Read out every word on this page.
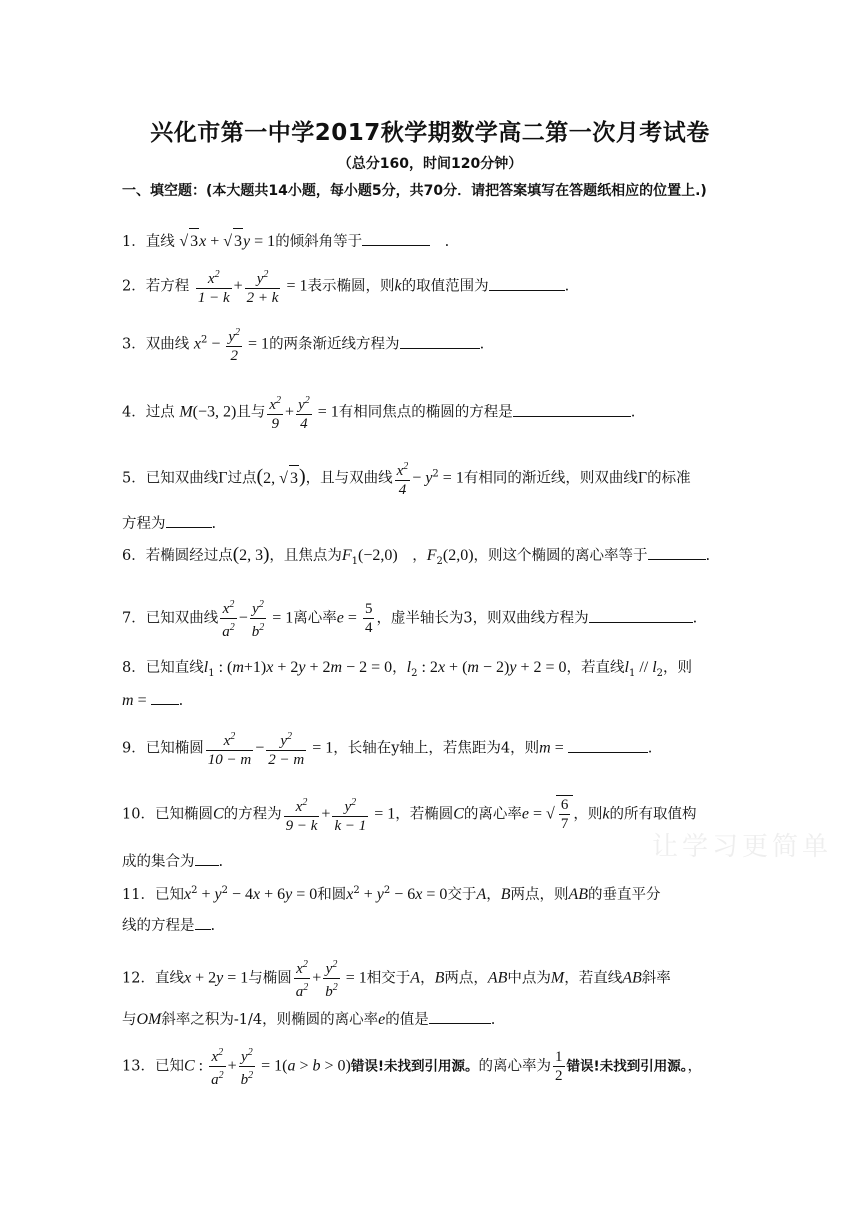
兴化市第一中学2017秋学期数学高二第一次月考试卷
（总分160，时间120分钟）
一、填空题：(本大题共14小题，每小题5分，共70分．请把答案填写在答题纸相应的位置上.)
1．直线 √ 3x + √ 3y = 1的倾斜角等于	　.
2．若方程 $\frac{x^2}{1 - k} + \frac{y^2}{2 + k} = 1$表示椭圆，则k的取值范围为	.
3．双曲线 $x^2 - \frac{y^2}{2} = 1$的两条渐近线方程为	.
4．过点 M(−3, 2)且与 $\frac{x^2}{9} + \frac{y^2}{4} = 1$有相同焦点的椭圆的方程是	.
5．已知双曲线Γ过点(2, √ 3)，且与双曲线 $\frac{x^2}{4} - y^2 = 1$有相同的渐近线，则双曲线Γ的标准
方程为	.
6．若椭圆经过点(2, 3)，且焦点为$F_1(-2,0)$　，$F_2(2,0)$，则这个椭圆的离心率等于	.
7．已知双曲线 $\frac{x^2}{a^2} - \frac{y^2}{b^2} = 1$离心率$e = \frac{5}{4}$ ，虚半轴长为3，则双曲线方程为	.
8．已知直线$l_1$ : (m+1)x + 2y + 2m − 2 = 0，$l_2$ : 2x + (m − 2)y + 2 = 0，若直线$l_1 // l_2$，则
m = .
9．已知椭圆 $\frac{x^2}{10 - m} - \frac{y^2}{2 - m} = 1$，长轴在y轴上，若焦距为4，则m =	.
10．已知椭圆C的方程为 $\frac{x^2}{9 - k} + \frac{y^2}{k - 1} = 1$，若椭圆C的离心率e = √ $\frac{6}{7}$ ，则k的所有取值构
成的集合为 .
11．已知$x^2 + y^2 - 4x + 6y = 0$和圆$x^2 + y^2 - 6x = 0$交于A，B两点，则AB的垂直平分
线的方程是 .
12．直线x + 2y = 1与椭圆 $\frac{x^2}{a^2} + \frac{y^2}{b^2} = 1$相交于A，B两点，AB中点为M，若直线AB斜率
与OM斜率之积为-1/4，则椭圆的离心率e的值是	.
13．已知C : $\frac{x^2}{a^2} + \frac{y^2}{b^2} = 1(a > b > 0)$错误!未找到引用源。的离心率为 $\frac{1}{2}$ 错误!未找到引用源。，
让学习更简单
